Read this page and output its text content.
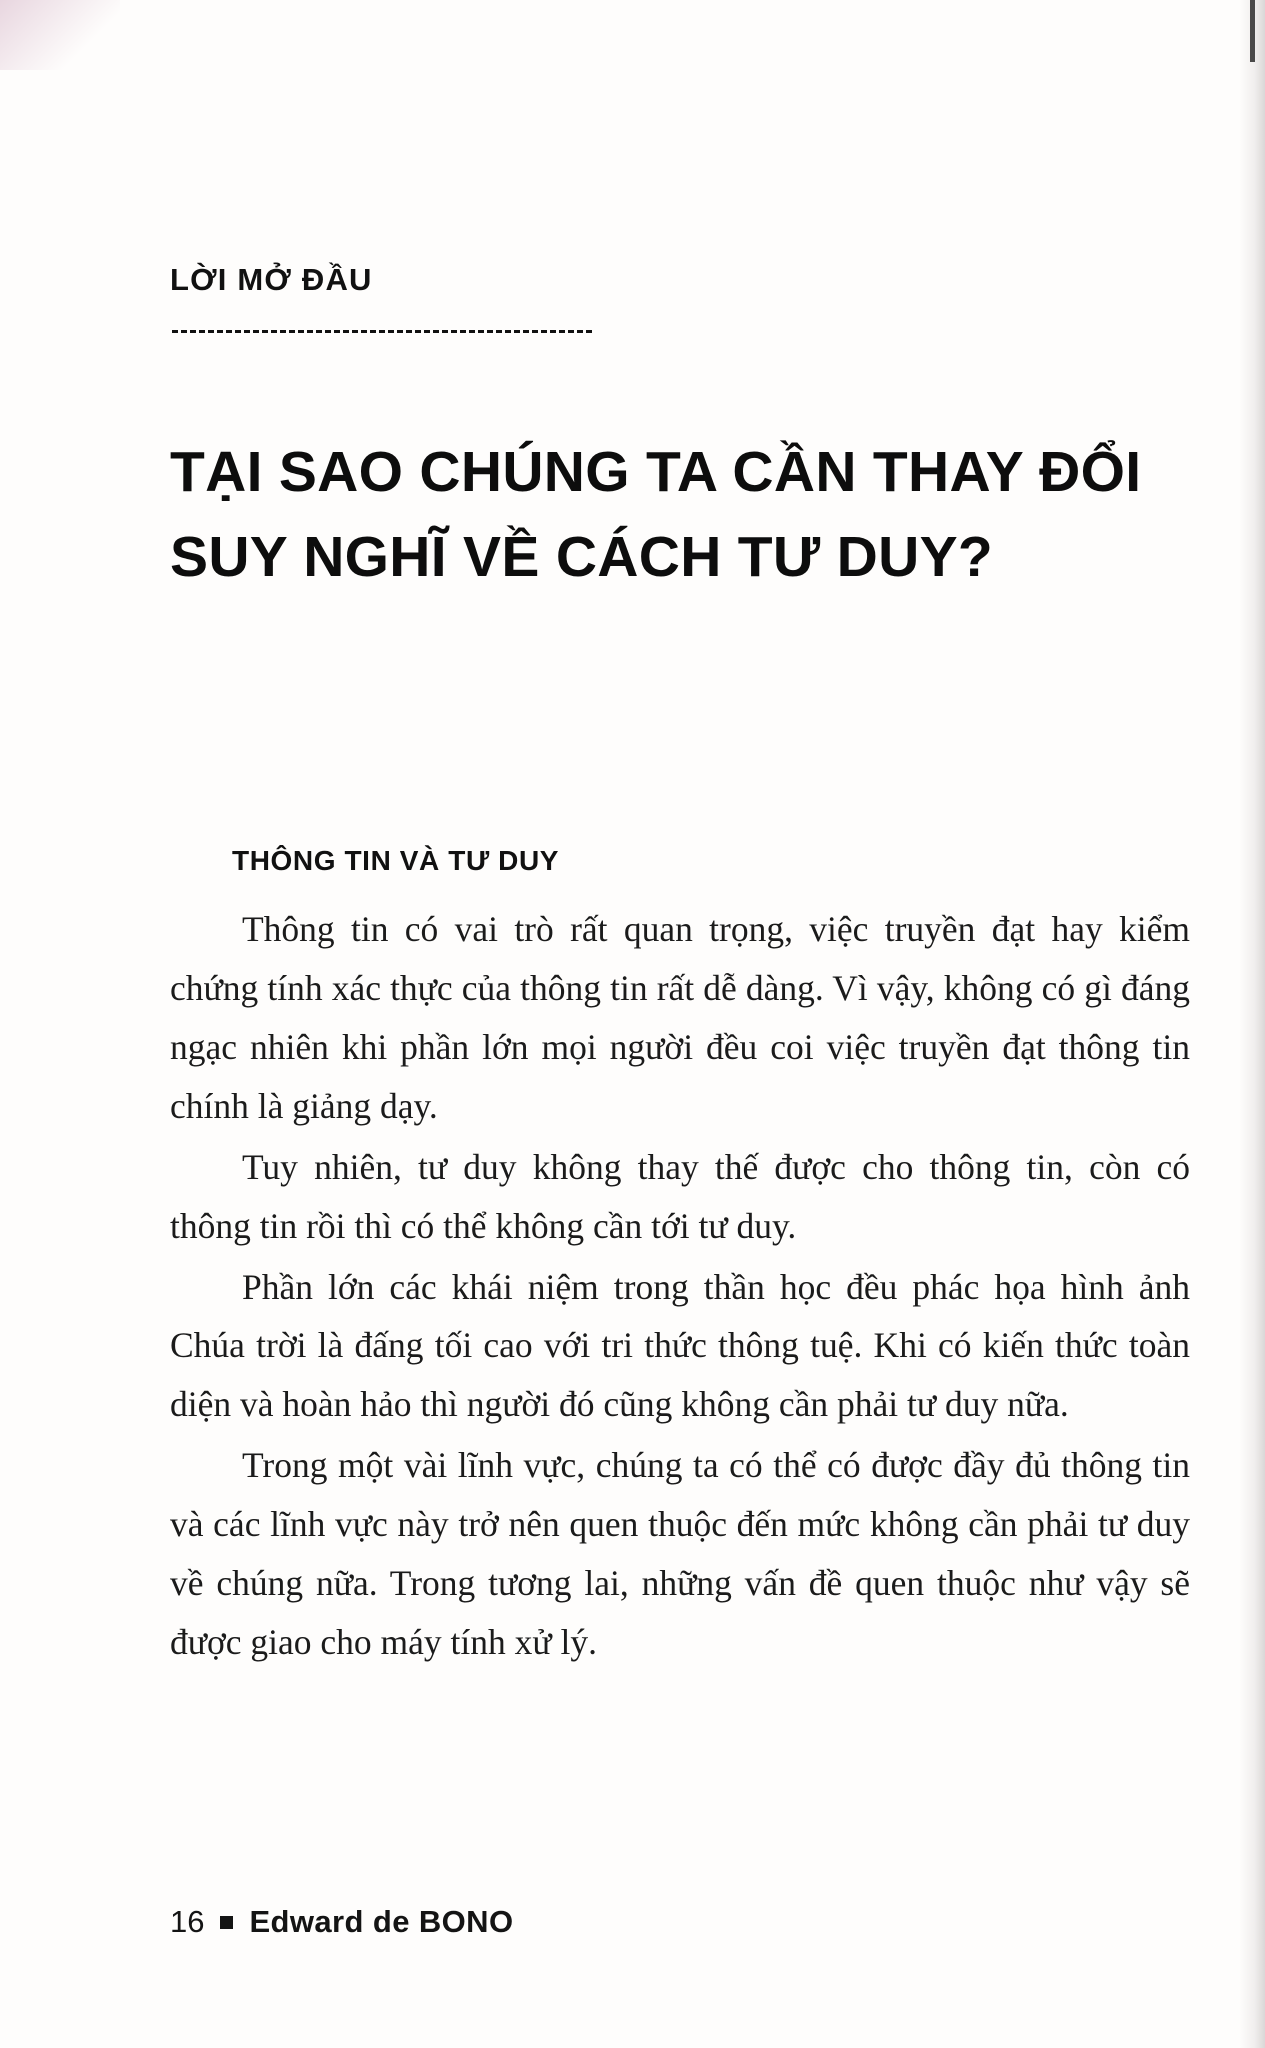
LỜI MỞ ĐẦU
TẠI SAO CHÚNG TA CẦN THAY ĐỔI SUY NGHĨ VỀ CÁCH TƯ DUY?
THÔNG TIN VÀ TƯ DUY

Thông tin có vai trò rất quan trọng, việc truyền đạt hay kiểm chứng tính xác thực của thông tin rất dễ dàng. Vì vậy, không có gì đáng ngạc nhiên khi phần lớn mọi người đều coi việc truyền đạt thông tin chính là giảng dạy.

Tuy nhiên, tư duy không thay thế được cho thông tin, còn có thông tin rồi thì có thể không cần tới tư duy.

Phần lớn các khái niệm trong thần học đều phác họa hình ảnh Chúa trời là đấng tối cao với tri thức thông tuệ. Khi có kiến thức toàn diện và hoàn hảo thì người đó cũng không cần phải tư duy nữa.

Trong một vài lĩnh vực, chúng ta có thể có được đầy đủ thông tin và các lĩnh vực này trở nên quen thuộc đến mức không cần phải tư duy về chúng nữa. Trong tương lai, những vấn đề quen thuộc như vậy sẽ được giao cho máy tính xử lý.

16 Edward de BONO
